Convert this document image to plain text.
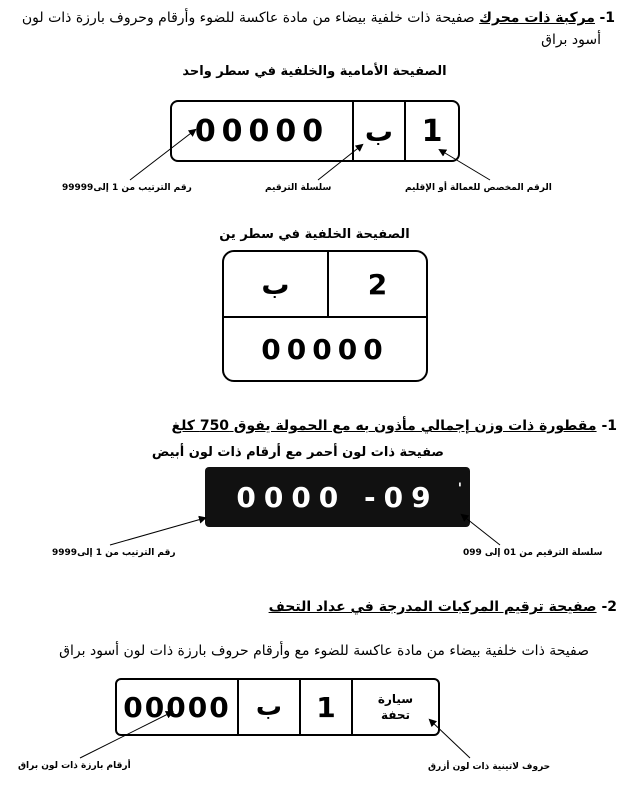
1- مركبة ذات محرك صفيحة ذات خلفية بيضاء من مادة عاكسة للضوء وأرقام وحروف بارزة ذات لون
أسود براق
الصفيحة الأمامية والخلفية في سطر واحد
00000	ب 1
رقم الترتيب من 1 إلى99999	سلسلة الترقيم	الرقم المخصص للعمالة أو الإقليم
الصفيحة الخلفية في سطر ين
ب	2
00000
1- مقطورة ذات وزن إجمالي مأذون به مع الحمولة يفوق 750 كلغ
صفيحة ذات لون أحمر مع أرقام ذات لون أبيض
0000 -09	'
رقم الترتيب من 1 إلى9999	سلسلة الترقيم من 01 إلى 099
2- صفيحة ترقيم المركبات المدرجة في عداد التحف
صفيحة ذات خلفية بيضاء من مادة عاكسة للضوء مع وأرقام حروف بارزة ذات لون أسود براق
00000 ب	1	سيارة
تحفة
أرقام بارزة ذات لون براق	حروف لاتينية ذات لون أزرق
